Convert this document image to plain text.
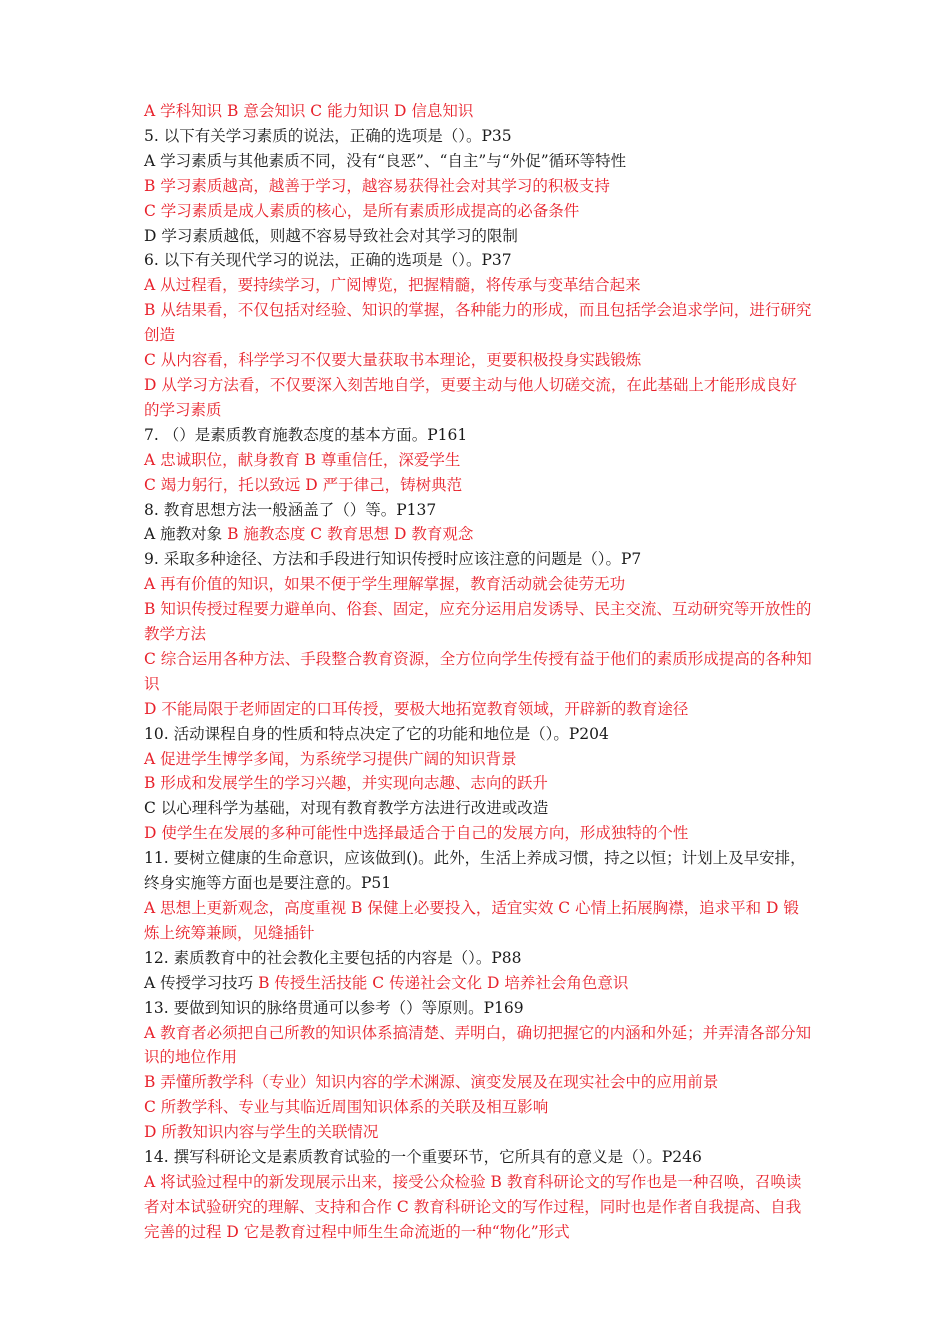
A 学科知识 B 意会知识 C 能力知识 D 信息知识

5. 以下有关学习素质的说法，正确的选项是（）。P35

A 学习素质与其他素质不同，没有“良恶”、“自主”与“外促”循环等特性

B 学习素质越高，越善于学习，越容易获得社会对其学习的积极支持

C 学习素质是成人素质的核心，是所有素质形成提高的必备条件

D 学习素质越低，则越不容易导致社会对其学习的限制

6. 以下有关现代学习的说法，正确的选项是（）。P37

A 从过程看，要持续学习，广阅博览，把握精髓，将传承与变革结合起来

B 从结果看，不仅包括对经验、知识的掌握，各种能力的形成，而且包括学会追求学问，进行研究创造

C 从内容看，科学学习不仅要大量获取书本理论，更要积极投身实践锻炼

D 从学习方法看，不仅要深入刻苦地自学，更要主动与他人切磋交流，在此基础上才能形成良好的学习素质

7. （）是素质教育施教态度的基本方面。P161

A 忠诚职位，献身教育 B 尊重信任，深爱学生

C 竭力躬行，托以致远 D 严于律己，铸树典范

8. 教育思想方法一般涵盖了（）等。P137

A 施教对象 B 施教态度 C 教育思想 D 教育观念

9. 采取多种途径、方法和手段进行知识传授时应该注意的问题是（）。P7

A 再有价值的知识，如果不便于学生理解掌握，教育活动就会徒劳无功

B 知识传授过程要力避单向、俗套、固定，应充分运用启发诱导、民主交流、互动研究等开放性的教学方法

C 综合运用各种方法、手段整合教育资源，全方位向学生传授有益于他们的素质形成提高的各种知识

D 不能局限于老师固定的口耳传授，要极大地拓宽教育领域，开辟新的教育途径

10. 活动课程自身的性质和特点决定了它的功能和地位是（）。P204

A 促进学生博学多闻，为系统学习提供广阔的知识背景

B 形成和发展学生的学习兴趣，并实现向志趣、志向的跃升

C 以心理科学为基础，对现有教育教学方法进行改进或改造

D 使学生在发展的多种可能性中选择最适合于自己的发展方向，形成独特的个性

11. 要树立健康的生命意识，应该做到()。此外，生活上养成习惯，持之以恒；计划上及早安排，终身实施等方面也是要注意的。P51

A 思想上更新观念，高度重视 B 保健上必要投入，适宜实效 C 心情上拓展胸襟，追求平和 D 锻炼上统筹兼顾，见缝插针

12. 素质教育中的社会教化主要包括的内容是（）。P88

A 传授学习技巧 B 传授生活技能 C 传递社会文化 D 培养社会角色意识

13. 要做到知识的脉络贯通可以参考（）等原则。P169

A 教育者必须把自己所教的知识体系搞清楚、弄明白，确切把握它的内涵和外延；并弄清各部分知识的地位作用

B 弄懂所教学科（专业）知识内容的学术渊源、演变发展及在现实社会中的应用前景

C 所教学科、专业与其临近周围知识体系的关联及相互影响

D 所教知识内容与学生的关联情况

14. 撰写科研论文是素质教育试验的一个重要环节，它所具有的意义是（）。P246

A 将试验过程中的新发现展示出来，接受公众检验 B 教育科研论文的写作也是一种召唤，召唤读者对本试验研究的理解、支持和合作 C 教育科研论文的写作过程，同时也是作者自我提高、自我完善的过程 D 它是教育过程中师生生命流逝的一种“物化”形式
